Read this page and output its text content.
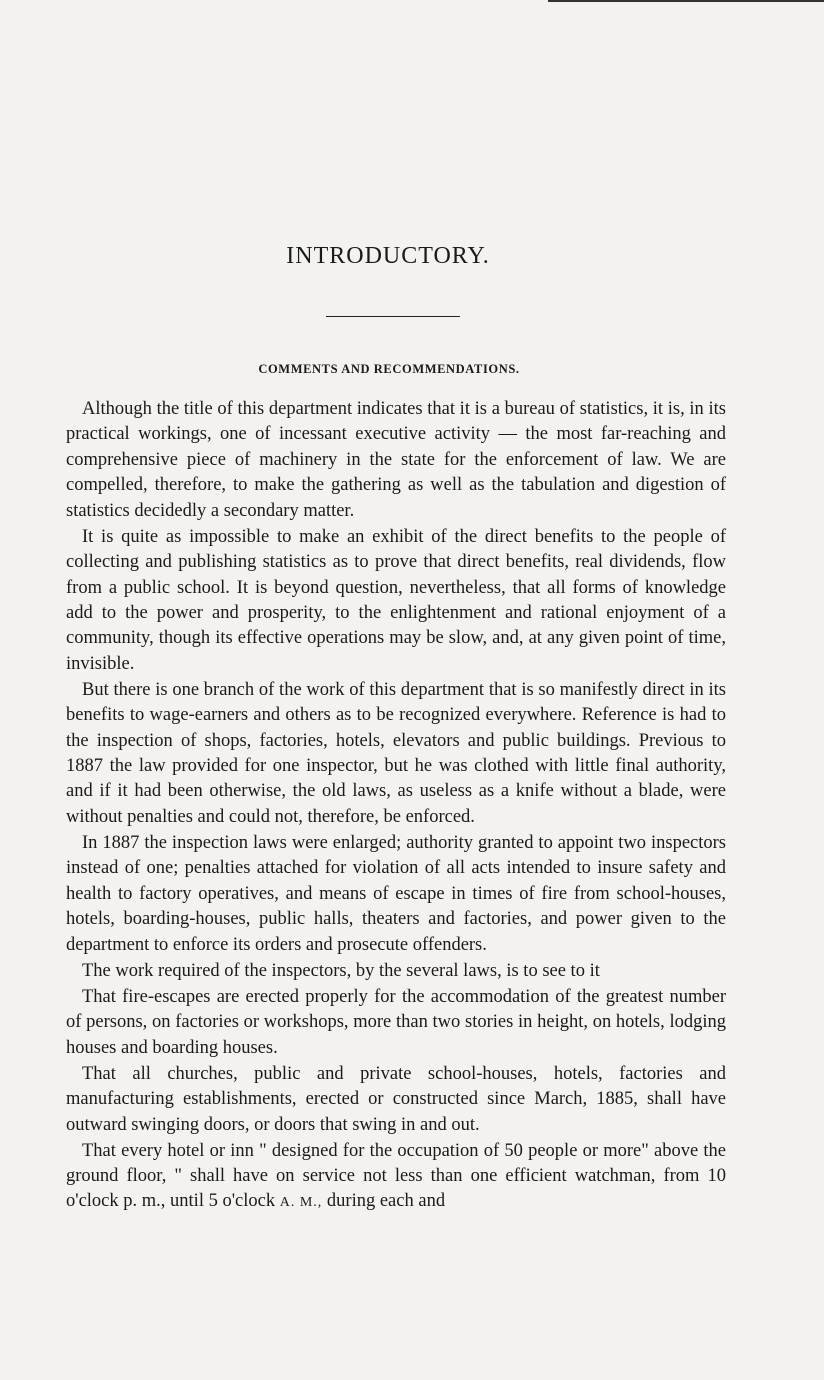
INTRODUCTORY.
COMMENTS AND RECOMMENDATIONS.

Although the title of this department indicates that it is a bureau of statistics, it is, in its practical workings, one of incessant executive activity — the most far-reaching and comprehensive piece of machinery in the state for the enforcement of law. We are compelled, therefore, to make the gathering as well as the tabulation and digestion of statistics decidedly a secondary matter.

It is quite as impossible to make an exhibit of the direct benefits to the people of collecting and publishing statistics as to prove that direct benefits, real dividends, flow from a public school. It is beyond question, nevertheless, that all forms of knowledge add to the power and prosperity, to the enlightenment and rational enjoyment of a community, though its effective operations may be slow, and, at any given point of time, invisible.

But there is one branch of the work of this department that is so manifestly direct in its benefits to wage-earners and others as to be recognized everywhere. Reference is had to the inspection of shops, factories, hotels, elevators and public buildings. Previous to 1887 the law provided for one inspector, but he was clothed with little final authority, and if it had been otherwise, the old laws, as useless as a knife without a blade, were without penalties and could not, therefore, be enforced.

In 1887 the inspection laws were enlarged; authority granted to appoint two inspectors instead of one; penalties attached for violation of all acts intended to insure safety and health to factory operatives, and means of escape in times of fire from school-houses, hotels, boarding-houses, public halls, theaters and factories, and power given to the department to enforce its orders and prosecute offenders.

The work required of the inspectors, by the several laws, is to see to it

That fire-escapes are erected properly for the accommodation of the greatest number of persons, on factories or workshops, more than two stories in height, on hotels, lodging houses and boarding houses.

That all churches, public and private school-houses, hotels, factories and manufacturing establishments, erected or constructed since March, 1885, shall have outward swinging doors, or doors that swing in and out.

That every hotel or inn " designed for the occupation of 50 people or more" above the ground floor, " shall have on service not less than one efficient watchman, from 10 o'clock p. m., until 5 o'clock A. M., during each and
